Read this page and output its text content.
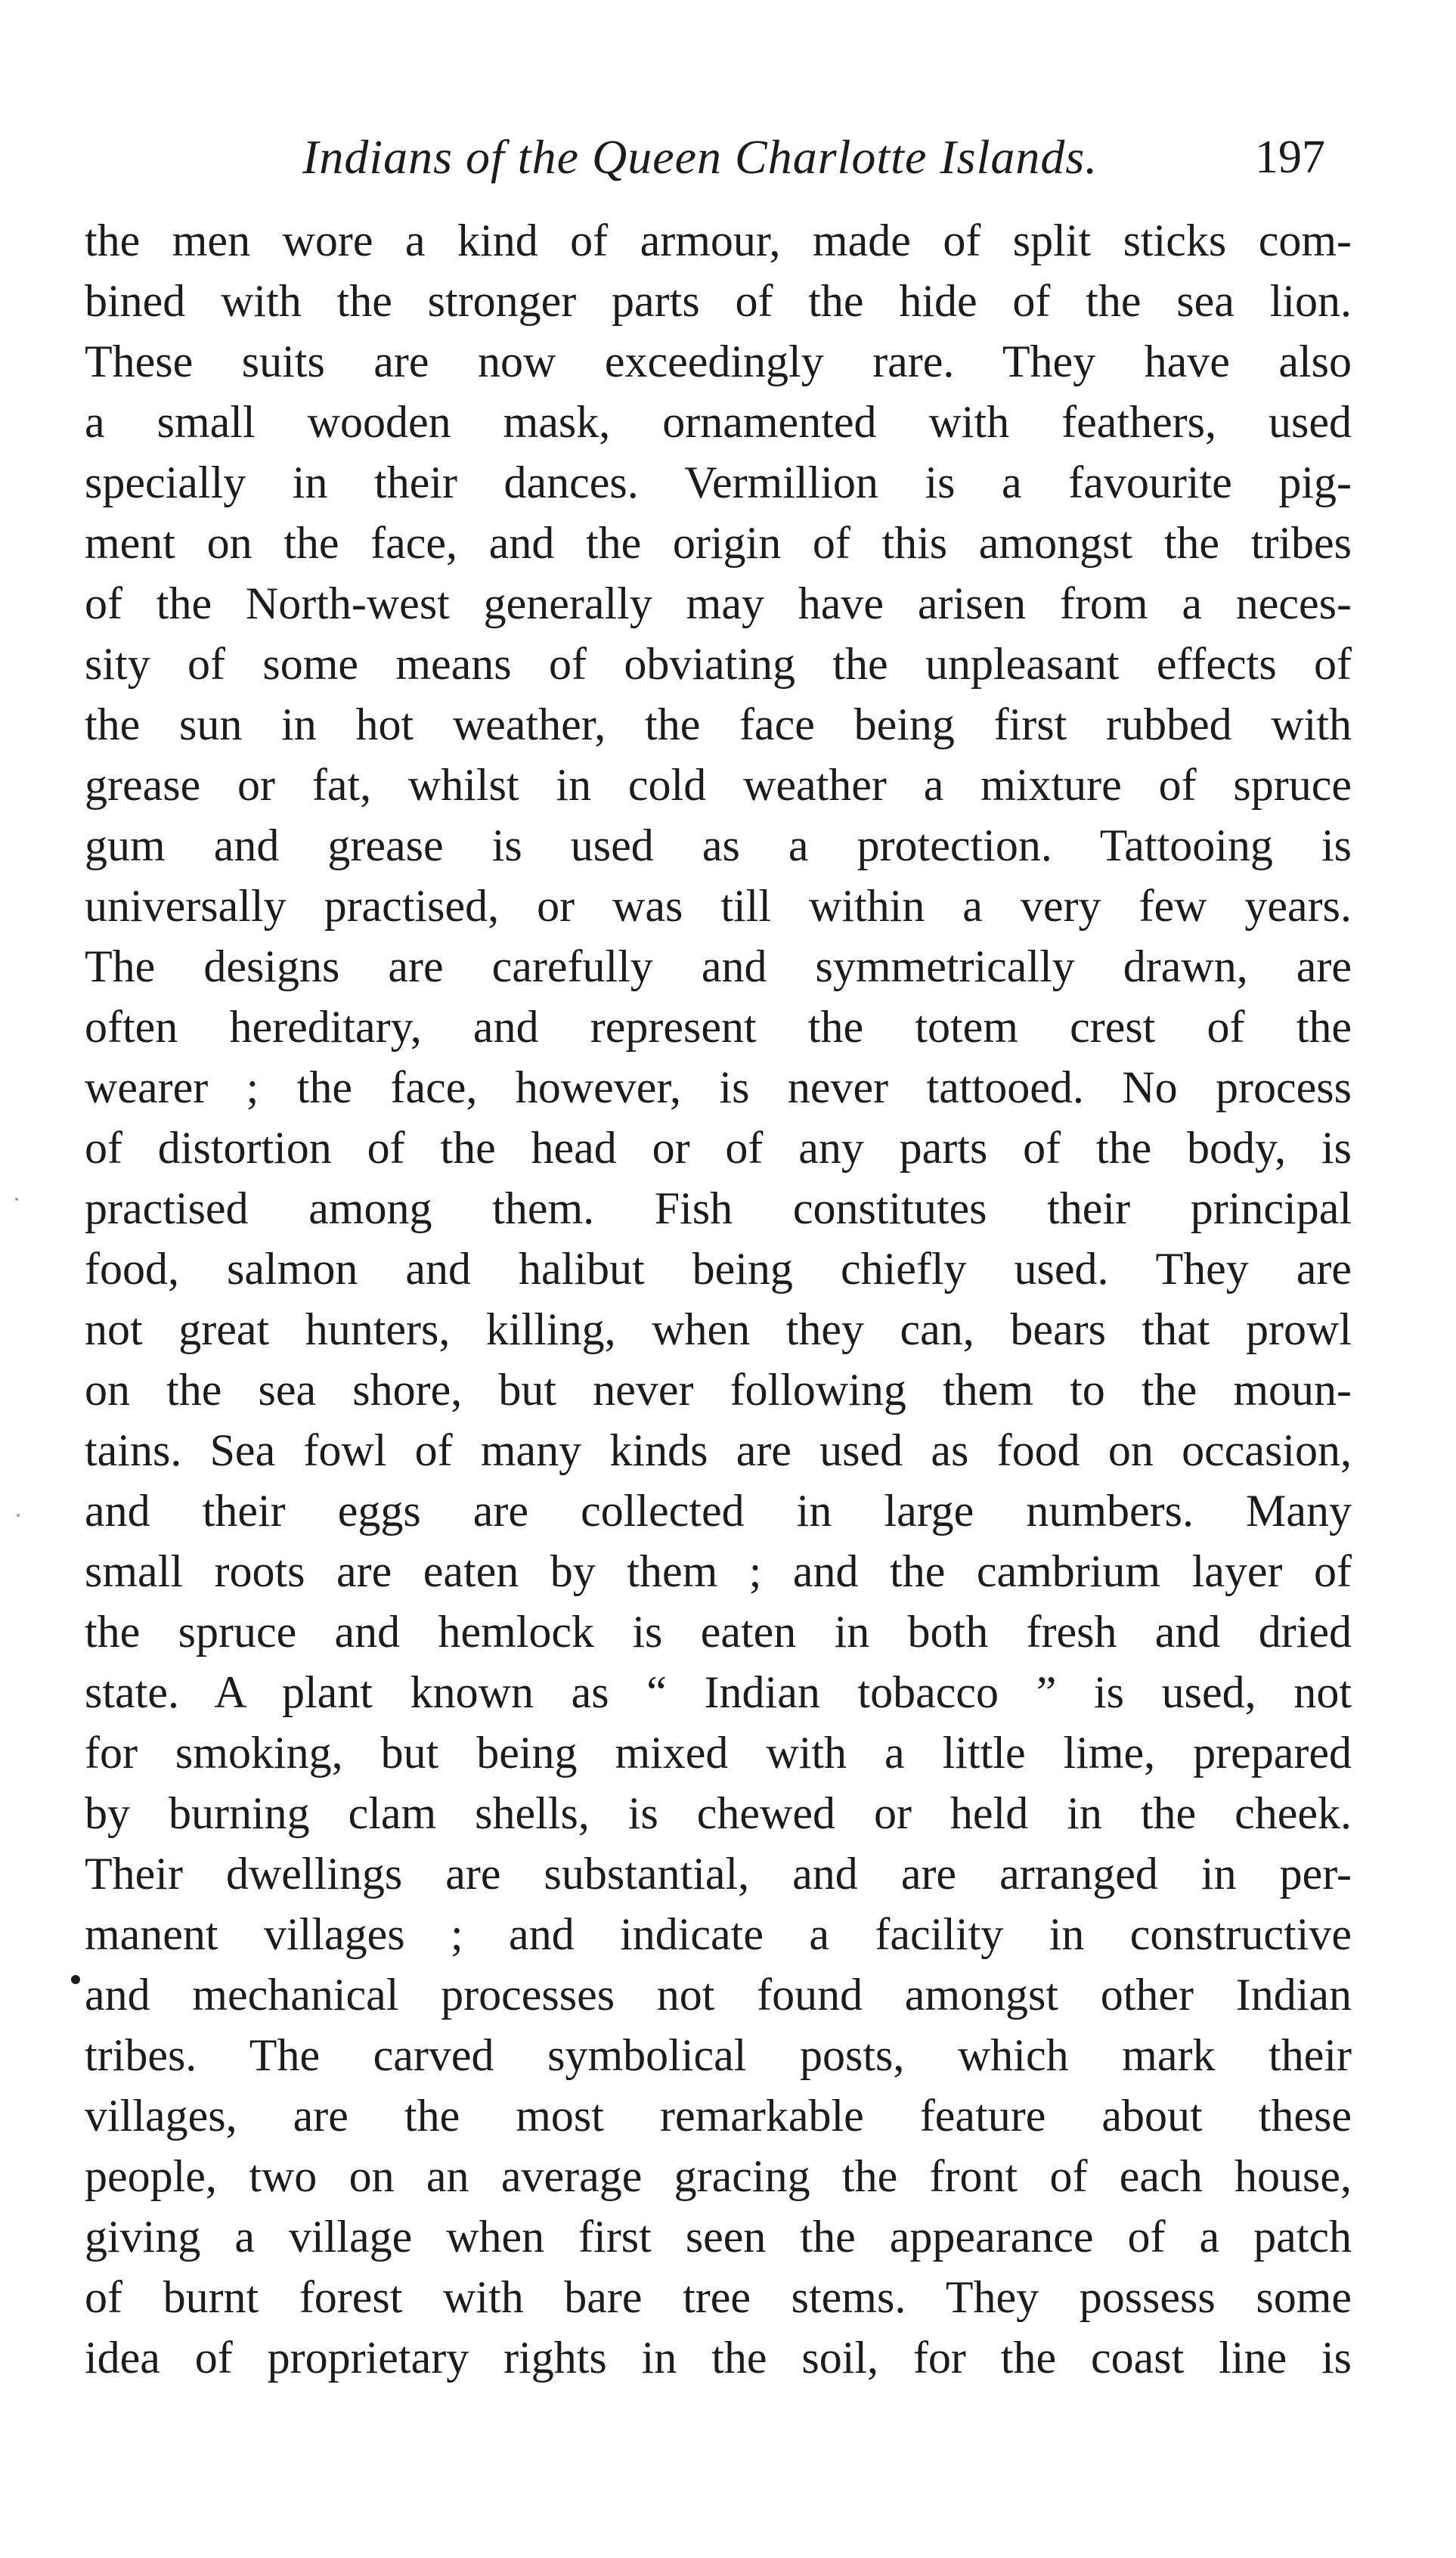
Indians of the Queen Charlotte Islands.	197
the men wore a kind of armour, made of split sticks com-
bined with the stronger parts of the hide of the sea lion.
These suits are now exceedingly rare. They have also
a small wooden mask, ornamented with feathers, used
specially in their dances. Vermillion is a favourite pig-
ment on the face, and the origin of this amongst the tribes
of the North-west generally may have arisen from a neces-
sity of some means of obviating the unpleasant effects of
the sun in hot weather, the face being first rubbed with
grease or fat, whilst in cold weather a mixture of spruce
gum and grease is used as a protection. Tattooing is
universally practised, or was till within a very few years.
The designs are carefully and symmetrically drawn, are
often hereditary, and represent the totem crest of the
wearer ; the face, however, is never tattooed. No process
of distortion of the head or of any parts of the body, is
practised among them. Fish constitutes their principal
food, salmon and halibut being chiefly used. They are
not great hunters, killing, when they can, bears that prowl
on the sea shore, but never following them to the moun-
tains. Sea fowl of many kinds are used as food on occasion,
and their eggs are collected in large numbers. Many
small roots are eaten by them ; and the cambrium layer of
the spruce and hemlock is eaten in both fresh and dried
state. A plant known as “ Indian tobacco ” is used, not
for smoking, but being mixed with a little lime, prepared
by burning clam shells, is chewed or held in the cheek.
Their dwellings are substantial, and are arranged in per-
manent villages ; and indicate a facility in constructive
and mechanical processes not found amongst other Indian
tribes. The carved symbolical posts, which mark their
villages, are the most remarkable feature about these
people, two on an average gracing the front of each house,
giving a village when first seen the appearance of a patch
of burnt forest with bare tree stems. They possess some
idea of proprietary rights in the soil, for the coast line is
